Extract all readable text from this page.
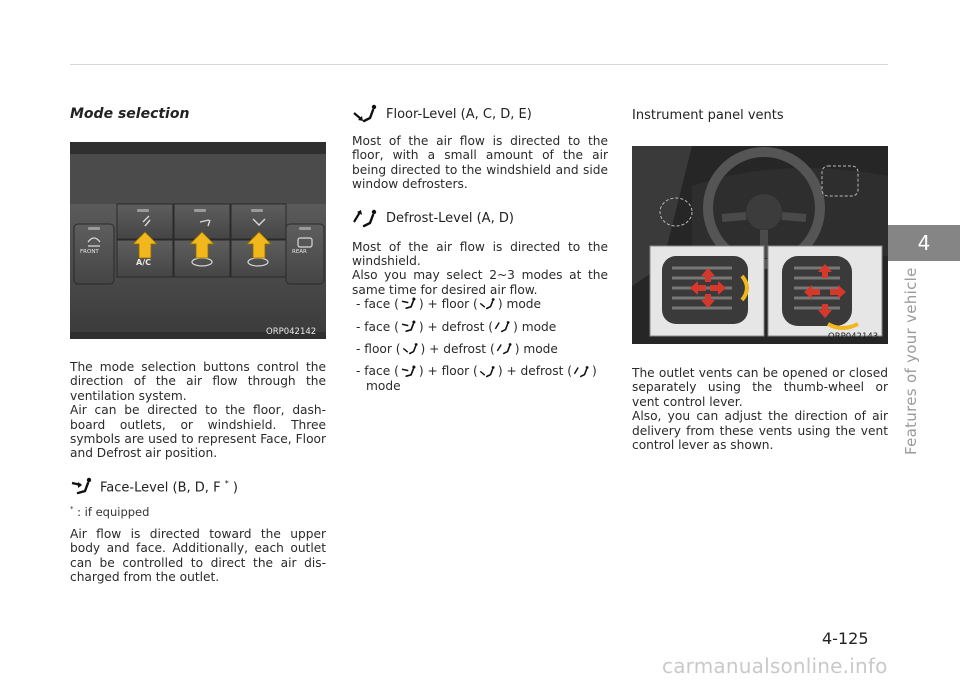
Mode selection
A/C
FRONT	REAR
ORP042142

The mode selection buttons control the direction of the air flow through the ventilation system.

Air can be directed to the floor, dash-board outlets, or windshield. Three symbols are used to represent Face, Floor and Defrost air position.

Face-Level (B, D, F * )
* : if equipped

Air flow is directed toward the upper body and face. Additionally, each outlet can be controlled to direct the air dis-charged from the outlet.

Floor-Level (A, C, D, E)

Most of the air flow is directed to the floor, with a small amount of the air being directed to the windshield and side window defrosters.

Defrost-Level (A, D)

Most of the air flow is directed to the windshield.

Also you may select 2~3 modes at the same time for desired air flow.

- face ( ) + floor ( ) mode
- face ( ) + defrost ( ) mode
- floor ( ) + defrost ( ) mode
- face ( ) + floor ( ) + defrost ( )
mode
Instrument panel vents
ORP042143

The outlet vents can be opened or closed separately using the thumb-wheel or vent control lever.

Also, you can adjust the direction of air delivery from these vents using the vent control lever as shown.

4
Features of your vehicle
4-125
carmanualsonline.info
